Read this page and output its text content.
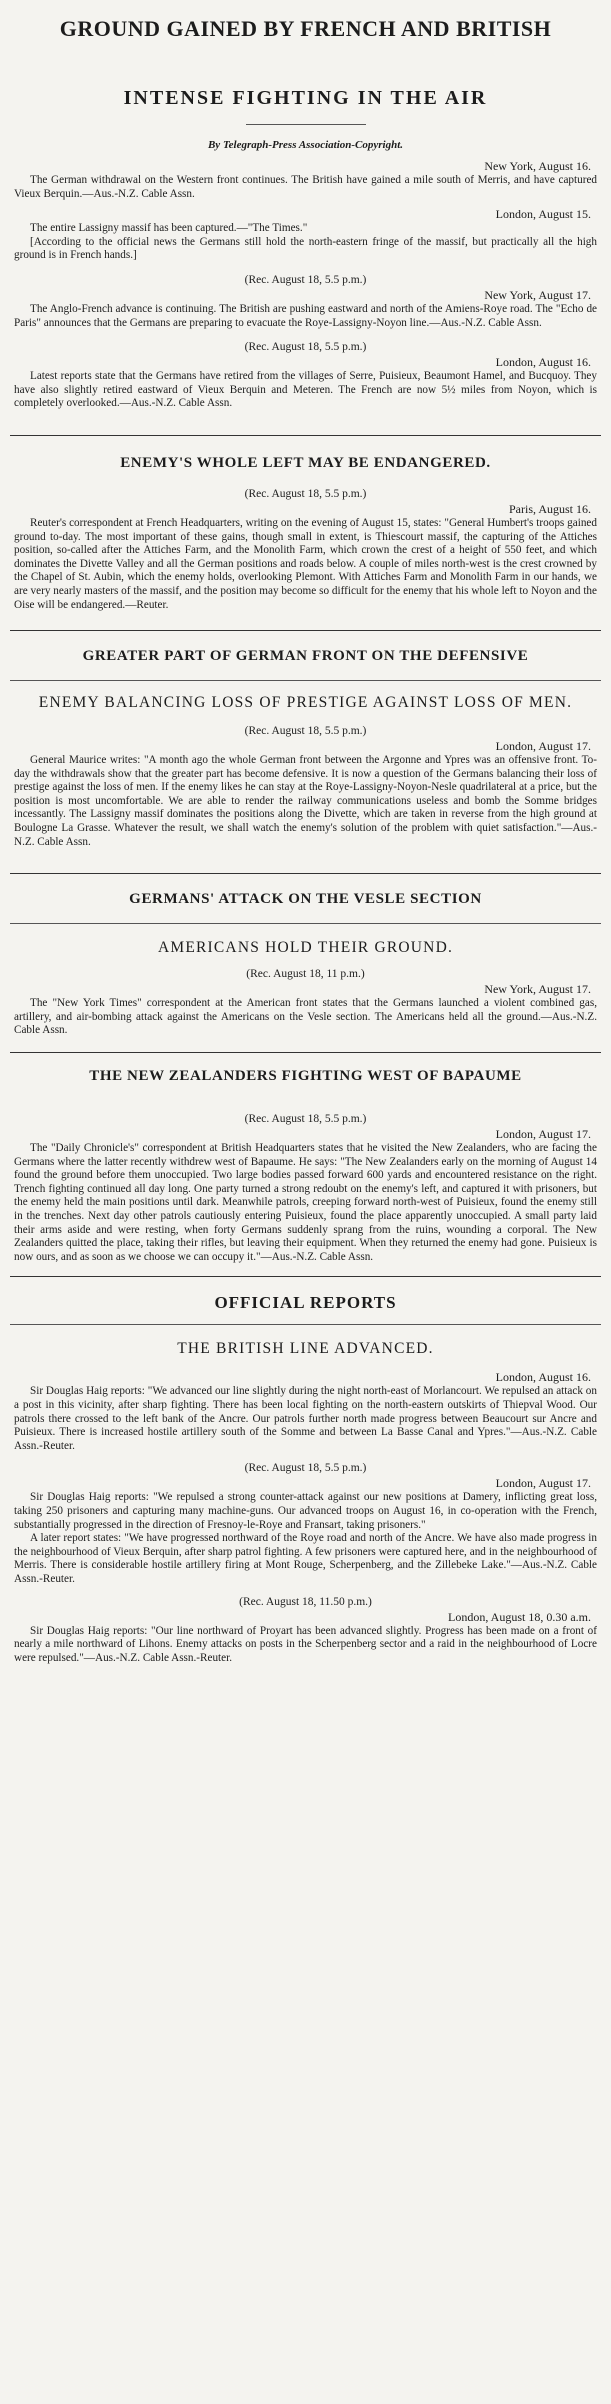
GROUND GAINED BY FRENCH AND BRITISH
INTENSE FIGHTING IN THE AIR
By Telegraph-Press Association-Copyright.
New York, August 16.

The German withdrawal on the Western front continues. The British have gained a mile south of Merris, and have captured Vieux Berquin.—Aus.-N.Z. Cable Assn.

London, August 15.

The entire Lassigny massif has been captured.—"The Times."

[According to the official news the Germans still hold the north-eastern fringe of the massif, but practically all the high ground is in French hands.]

(Rec. August 18, 5.5 p.m.)
New York, August 17.

The Anglo-French advance is continuing. The British are pushing eastward and north of the Amiens-Roye road. The "Echo de Paris" announces that the Germans are preparing to evacuate the Roye-Lassigny-Noyon line.—Aus.-N.Z. Cable Assn.

(Rec. August 18, 5.5 p.m.)
London, August 16.

Latest reports state that the Germans have retired from the villages of Serre, Puisieux, Beaumont Hamel, and Bucquoy. They have also slightly retired eastward of Vieux Berquin and Meteren. The French are now 5½ miles from Noyon, which is completely overlooked.—Aus.-N.Z. Cable Assn.

ENEMY'S WHOLE LEFT MAY BE ENDANGERED.
(Rec. August 18, 5.5 p.m.)
Paris, August 16.

Reuter's correspondent at French Headquarters, writing on the evening of August 15, states: "General Humbert's troops gained ground to-day. The most important of these gains, though small in extent, is Thiescourt massif, the capturing of the Attiches position, so-called after the Attiches Farm, and the Monolith Farm, which crown the crest of a height of 550 feet, and which dominates the Divette Valley and all the German positions and roads below. A couple of miles north-west is the crest crowned by the Chapel of St. Aubin, which the enemy holds, overlooking Plemont. With Attiches Farm and Monolith Farm in our hands, we are very nearly masters of the massif, and the position may become so difficult for the enemy that his whole left to Noyon and the Oise will be endangered.—Reuter.

GREATER PART OF GERMAN FRONT ON THE DEFENSIVE
ENEMY BALANCING LOSS OF PRESTIGE AGAINST LOSS OF MEN.
(Rec. August 18, 5.5 p.m.)
London, August 17.

General Maurice writes: "A month ago the whole German front between the Argonne and Ypres was an offensive front. To-day the withdrawals show that the greater part has become defensive. It is now a question of the Germans balancing their loss of prestige against the loss of men. If the enemy likes he can stay at the Roye-Lassigny-Noyon-Nesle quadrilateral at a price, but the position is most uncomfortable. We are able to render the railway communications useless and bomb the Somme bridges incessantly. The Lassigny massif dominates the positions along the Divette, which are taken in reverse from the high ground at Boulogne La Grasse. Whatever the result, we shall watch the enemy's solution of the problem with quiet satisfaction."—Aus.-N.Z. Cable Assn.

GERMANS' ATTACK ON THE VESLE SECTION
AMERICANS HOLD THEIR GROUND.
(Rec. August 18, 11 p.m.)
New York, August 17.

The "New York Times" correspondent at the American front states that the Germans launched a violent combined gas, artillery, and air-bombing attack against the Americans on the Vesle section. The Americans held all the ground.—Aus.-N.Z. Cable Assn.

THE NEW ZEALANDERS FIGHTING WEST OF BAPAUME
(Rec. August 18, 5.5 p.m.)
London, August 17.

The "Daily Chronicle's" correspondent at British Headquarters states that he visited the New Zealanders, who are facing the Germans where the latter recently withdrew west of Bapaume. He says: "The New Zealanders early on the morning of August 14 found the ground before them unoccupied. Two large bodies passed forward 600 yards and encountered resistance on the right. Trench fighting continued all day long. One party turned a strong redoubt on the enemy's left, and captured it with prisoners, but the enemy held the main positions until dark. Meanwhile patrols, creeping forward north-west of Puisieux, found the enemy still in the trenches. Next day other patrols cautiously entering Puisieux, found the place apparently unoccupied. A small party laid their arms aside and were resting, when forty Germans suddenly sprang from the ruins, wounding a corporal. The New Zealanders quitted the place, taking their rifles, but leaving their equipment. When they returned the enemy had gone. Puisieux is now ours, and as soon as we choose we can occupy it."—Aus.-N.Z. Cable Assn.

OFFICIAL REPORTS
THE BRITISH LINE ADVANCED.
London, August 16.

Sir Douglas Haig reports: "We advanced our line slightly during the night north-east of Morlancourt. We repulsed an attack on a post in this vicinity, after sharp fighting. There has been local fighting on the north-eastern outskirts of Thiepval Wood. Our patrols there crossed to the left bank of the Ancre. Our patrols further north made progress between Beaucourt sur Ancre and Puisieux. There is increased hostile artillery south of the Somme and between La Basse Canal and Ypres."—Aus.-N.Z. Cable Assn.-Reuter.

(Rec. August 18, 5.5 p.m.)
London, August 17.

Sir Douglas Haig reports: "We repulsed a strong counter-attack against our new positions at Damery, inflicting great loss, taking 250 prisoners and capturing many machine-guns. Our advanced troops on August 16, in co-operation with the French, substantially progressed in the direction of Fresnoy-le-Roye and Fransart, taking prisoners."

A later report states: "We have progressed northward of the Roye road and north of the Ancre. We have also made progress in the neighbourhood of Vieux Berquin, after sharp patrol fighting. A few prisoners were captured here, and in the neighbourhood of Merris. There is considerable hostile artillery firing at Mont Rouge, Scherpenberg, and the Zillebeke Lake."—Aus.-N.Z. Cable Assn.-Reuter.

(Rec. August 18, 11.50 p.m.)
London, August 18, 0.30 a.m.

Sir Douglas Haig reports: "Our line northward of Proyart has been advanced slightly. Progress has been made on a front of nearly a mile northward of Lihons. Enemy attacks on posts in the Scherpenberg sector and a raid in the neighbourhood of Locre were repulsed."—Aus.-N.Z. Cable Assn.-Reuter.
